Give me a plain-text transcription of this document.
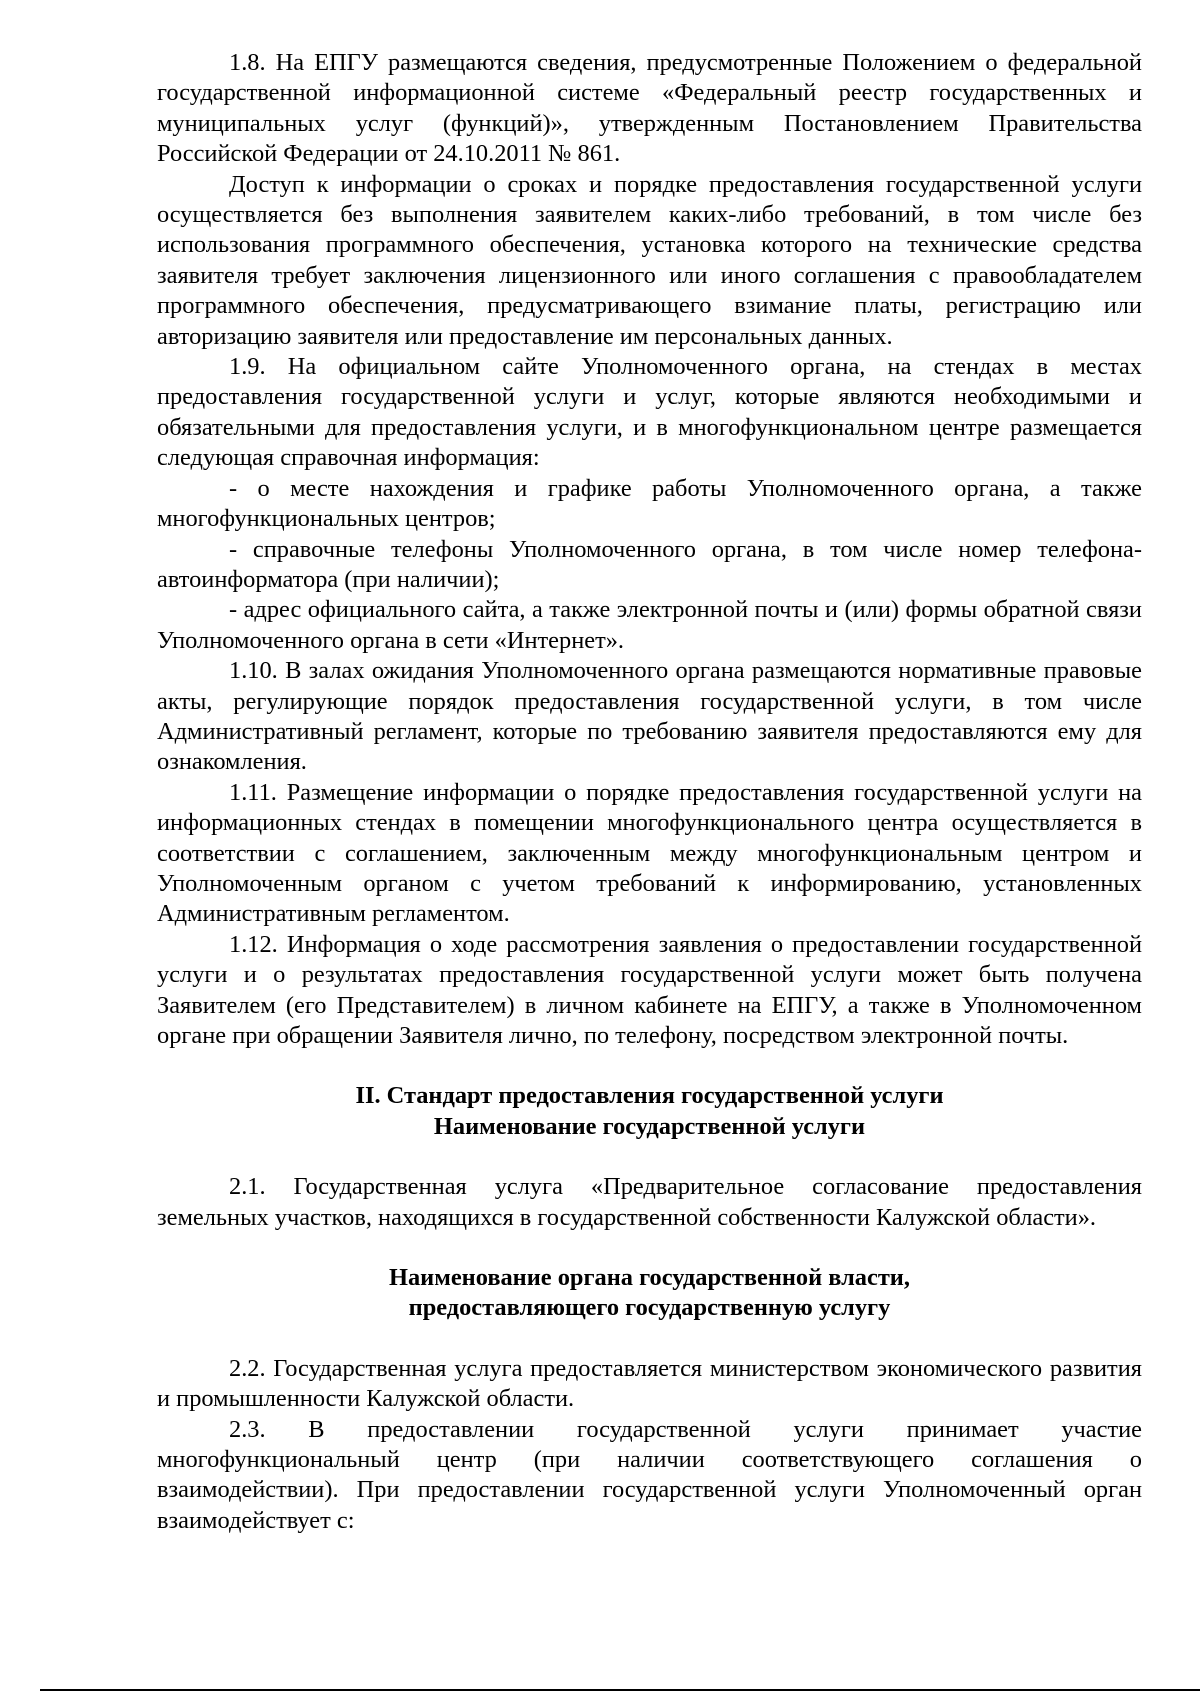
1.8. На ЕПГУ размещаются сведения, предусмотренные Положением о федеральной государственной информационной системе «Федеральный реестр государственных и муниципальных услуг (функций)», утвержденным Постановлением Правительства Российской Федерации от 24.10.2011 № 861.

Доступ к информации о сроках и порядке предоставления государственной услуги осуществляется без выполнения заявителем каких-либо требований, в том числе без использования программного обеспечения, установка которого на технические средства заявителя требует заключения лицензионного или иного соглашения с правообладателем программного обеспечения, предусматривающего взимание платы, регистрацию или авторизацию заявителя или предоставление им персональных данных.

1.9. На официальном сайте Уполномоченного органа, на стендах в местах предоставления государственной услуги и услуг, которые являются необходимыми и обязательными для предоставления услуги, и в многофункциональном центре размещается следующая справочная информация:

- о месте нахождения и графике работы Уполномоченного органа, а также многофункциональных центров;

- справочные телефоны Уполномоченного органа, в том числе номер телефона-автоинформатора (при наличии);

- адрес официального сайта, а также электронной почты и (или) формы обратной связи Уполномоченного органа в сети «Интернет».

1.10. В залах ожидания Уполномоченного органа размещаются нормативные правовые акты, регулирующие порядок предоставления государственной услуги, в том числе Административный регламент, которые по требованию заявителя предоставляются ему для ознакомления.

1.11. Размещение информации о порядке предоставления государственной услуги на информационных стендах в помещении многофункционального центра осуществляется в соответствии с соглашением, заключенным между многофункциональным центром и Уполномоченным органом с учетом требований к информированию, установленных Административным регламентом.

1.12. Информация о ходе рассмотрения заявления о предоставлении государственной услуги и о результатах предоставления государственной услуги может быть получена Заявителем (его Представителем) в личном кабинете на ЕПГУ, а также в Уполномоченном органе при обращении Заявителя лично, по телефону, посредством электронной почты.

II. Стандарт предоставления государственной услуги
Наименование государственной услуги

2.1. Государственная услуга «Предварительное согласование предоставления земельных участков, находящихся в государственной собственности Калужской области».

Наименование органа государственной власти,
предоставляющего государственную услугу

2.2. Государственная услуга предоставляется министерством экономического развития и промышленности Калужской области.

2.3. В предоставлении государственной услуги принимает участие многофункциональный центр (при наличии соответствующего соглашения о взаимодействии). При предоставлении государственной услуги Уполномоченный орган взаимодействует с:
